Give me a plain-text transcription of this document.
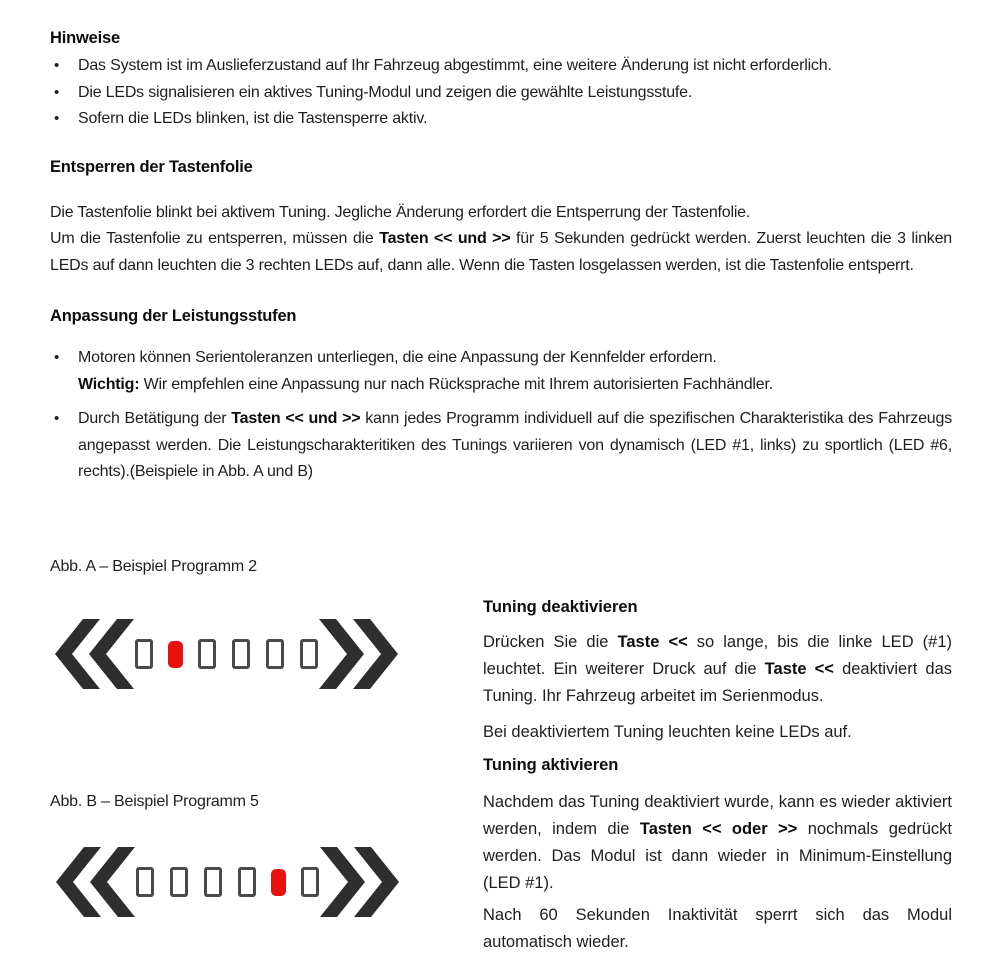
Hinweise
• Das System ist im Auslieferzustand auf Ihr Fahrzeug abgestimmt, eine weitere Änderung ist nicht erforderlich.
• Die LEDs signalisieren ein aktives Tuning-Modul und zeigen die gewählte Leistungsstufe.
• Sofern die LEDs blinken, ist die Tastensperre aktiv.
Entsperren der Tastenfolie
Die Tastenfolie blinkt bei aktivem Tuning. Jegliche Änderung erfordert die Entsperrung der Tastenfolie.
Um die Tastenfolie zu entsperren, müssen die Tasten << und >> für 5 Sekunden gedrückt werden. Zuerst leuchten die 3 linken LEDs auf dann leuchten die 3 rechten LEDs auf, dann alle. Wenn die Tasten losgelassen werden, ist die Tastenfolie entsperrt.
Anpassung der Leistungsstufen
• Motoren können Serientoleranzen unterliegen, die eine Anpassung der Kennfelder erfordern.
Wichtig: Wir empfehlen eine Anpassung nur nach Rücksprache mit Ihrem autorisierten Fachhändler.
• Durch Betätigung der Tasten << und >> kann jedes Programm individuell auf die spezifischen Charakteristika des Fahrzeugs angepasst werden. Die Leistungscharakteritiken des Tunings variieren von dynamisch (LED #1, links) zu sportlich (LED #6, rechts).(Beispiele in Abb. A und B)
Abb. A – Beispiel Programm 2
Abb. B – Beispiel Programm 5
Tuning deaktivieren
Drücken Sie die Taste << so lange, bis die linke LED (#1) leuchtet. Ein weiterer Druck auf die Taste << deaktiviert das Tuning. Ihr Fahrzeug arbeitet im Serienmodus.
Bei deaktiviertem Tuning leuchten keine LEDs auf.
Tuning aktivieren
Nachdem das Tuning deaktiviert wurde, kann es wieder aktiviert werden, indem die Tasten << oder >> nochmals gedrückt werden. Das Modul ist dann wieder in Minimum-Einstellung (LED #1).
Nach 60 Sekunden Inaktivität sperrt sich das Modul automatisch wieder.
